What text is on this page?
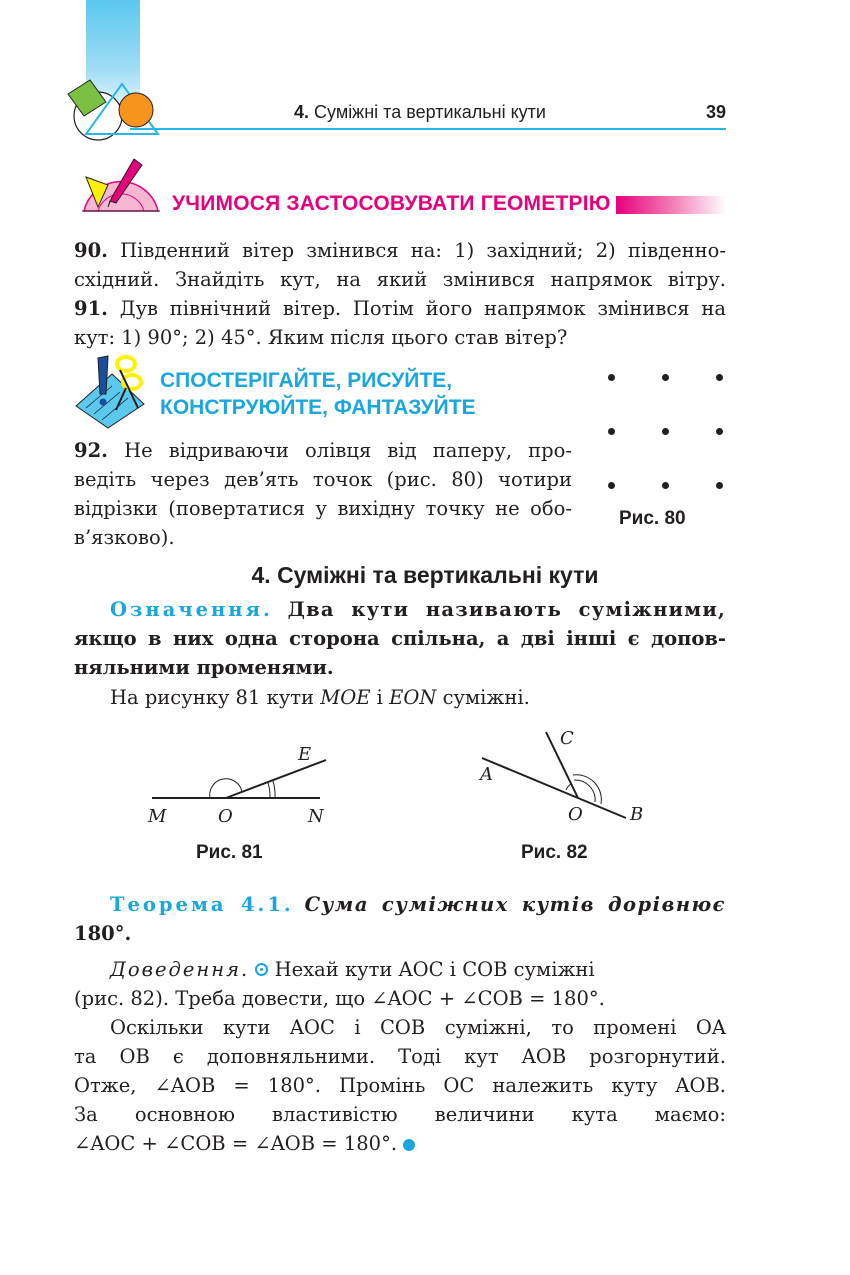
4. Суміжні та вертикальні кути	39
УЧИМОСЯ ЗАСТОСОВУВАТИ ГЕОМЕТРІЮ
90. Південний вітер змінився на: 1) західний; 2) південно-
східний. Знайдіть кут, на який змінився напрямок вітру.
91. Дув північний вітер. Потім його напрямок змінився на
кут: 1) 90°; 2) 45°. Яким після цього став вітер?
СПОСТЕРІГАЙТЕ, РИСУЙТЕ,
КОНСТРУЮЙТЕ, ФАНТАЗУЙТЕ
92. Не відриваючи олівця від паперу, про-
ведіть через дев’ять точок (рис. 80) чотири
відрізки (повертатися у вихідну точку не обо-
в’язково).
Рис. 80
4. Суміжні та вертикальні кути
Означення. Два кути називають суміжними,
якщо в них одна сторона спільна, а дві інші є допов-
няльними променями.
На рисунку 81 кути MOE і EON суміжні.
M	O	N
E
Рис. 81
A
O	B
C
Рис. 82
Теорема 4.1. Сума суміжних кутів дорівнює
180°.
Доведення. Нехай кути AOC і COB суміжні
(рис. 82). Треба довести, що ∠AOC + ∠COB = 180°.
Оскільки кути AOC і COB суміжні, то промені OA
та OB є доповняльними. Тоді кут AOB розгорнутий.
Отже, ∠AOB = 180°. Промінь OC належить куту AOB.
За основною властивістю величини кута маємо:
∠AOC + ∠COB = ∠AOB = 180°.
